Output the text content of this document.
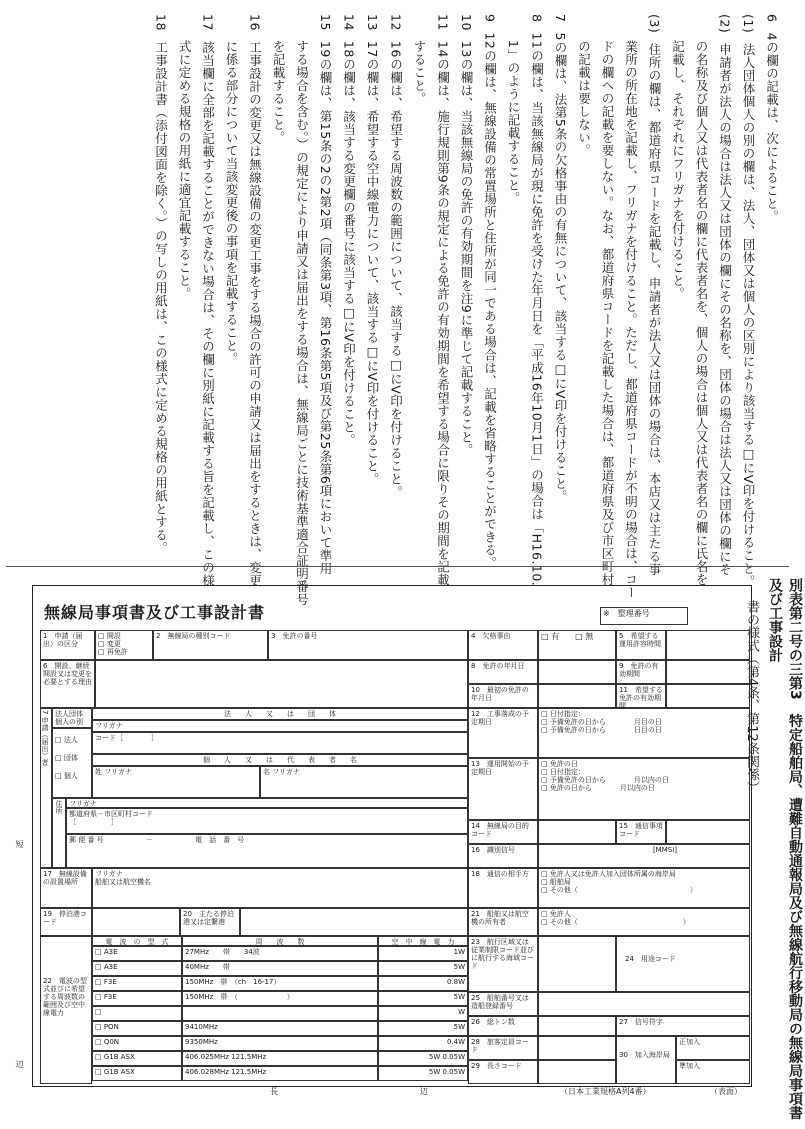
64の欄の記載は、次によること。
(1)法人団体個人の別の欄は、法人、団体又は個人の区別により該当する□にV印を付けること。
(2)申請者が法人の場合は法人又は団体の欄にその名称を、団体の場合は法人又は団体の欄にそ
の名称及び個人又は代表者名の欄に代表者名を、個人の場合は個人又は代表者名の欄に氏名を
記載し、それぞれにフリガナを付けること。
(3)住所の欄は、都道府県コードを記載し、申請者が法人又は団体の場合は、本店又は主たる事
業所の所在地を記載し、フリガナを付けること。ただし、都道府県コードが不明の場合は、コー
ドの欄への記載を要しない。なお、都道府県コードを記載した場合は、都道府県及び市区町村
の記載は要しない。
75の欄は、法第5条の欠格事由の有無について、該当する□にV印を付けること。
811の欄は、当該無線局が現に免許を受けた年月日を「平成16年10月1日」の場合は「H16.10.
1」のように記載すること。
912の欄は、無線設備の常置場所と住所が同一である場合は、記載を省略することができる。
1013の欄は、当該無線局の免許の有効期間を注9に準じて記載すること。
1114の欄は、施行規則第9条の規定による免許の有効期間を希望する場合に限りその期間を記載
すること。
1216の欄は、希望する周波数の範囲について、該当する□にV印を付けること。
1317の欄は、希望する空中線電力について、該当する□にV印を付けること。
1418の欄は、該当する変更欄の番号に該当する□にV印を付けること。
1519の欄は、第15条の2の2第2項（同条第3項、第16条第5項及び第25条第6項において準用
する場合を含む。）の規定により申請又は届出をする場合は、無線局ごとに技術基準適合証明番号
を記載すること。
16工事設計の変更又は無線設備の変更工事をする場合の許可の申請又は届出をするときは、変更
に係る部分について当該変更後の事項を記載すること。
17該当欄に全部を記載することができない場合は、その欄に別紙に記載する旨を記載し、この様
式に定める規格の用紙に適宜記載すること。
18工事設計書（添付図面を除く。）の写しの用紙は、この様式に定める規格の用紙とする。
別表第二号の三第3　特定船舶局、遭難自動通報局及び無線航行移動局の無線局事項書及び工事設計
書の様式（第4条、第12条関係）
短
辺
無線局事項書及び工事設計書	※　整理番号
1　申請（届出）の区分
□ 開設
□ 変更
□ 再免許
2　無線局の種別コード	3　免許の番号	4　欠格事由	□ 有　　□ 無	5　希望する運用許容時間
6　開設、継続開設又は変更を必要とする理由
8　免許の年月日	9　免許の有効期間
10　最初の免許の年月日
11　希望する免許の有効期間
7 申請（届出）者 法人団体個人の別
法　　人　　又　　は　　団　　体
フリガナ
□ 法人
□ 団体
□ 個人
コード［　　　　］
個　　人　　又　　は　　代　　表　　者　　名
姓 フリガナ	名 フリガナ
住所 フリガナ
都道府県－市区町村コード
［　　　　　］
郵 便 番 号	－	電　話　番　号
12　工事落成の予定期日
□ 日付指定：
□ 予備免許の日から　　　　月目の日
□ 予備免許の日から　　　　日目の日
13　運用開始の予定期日
□ 免許の日
□ 日付指定：
□ 予備免許の日から　　　　月以内の日
□ 免許の日から　　　　月以内の日
14　無線局の目的コード
15　通信事項コード
16　識別信号	[MMSI]
17　無線設備の設置場所
フリガナ
船舶又は航空機名
18　通信の相手方	□ 免許人又は免許人加入団体所属の海岸局
□ 船舶局
□ その他（　　　　　　　　　　　　　　　　）
19　停泊港コード
20　主たる停泊港又は定繋港
21　船舶又は航空機の所有者
□ 免許人
□ その他（　　　　　　　　　　　　　　　）
22　電波の型式並びに希望する周波数の範囲及び空中線電力
電　波　の　型　式	周　　波　　数	空　中　線　電　力
□ A3E	27MHz　　帯　　34波	1W
□ A3E	40MHz　　帯	5W
□ F3E	150MHz　帯　（ch　16-17）	0.8W
□ F3E	150MHz　帯　（　　　　　　　）	5W
□	W
□ PON	9410MHz	5W
□ Q0N	9350MHz	0.4W
□ G1B ASX	406.025MHz 121.5MHz	5W 0.05W
□ G1B ASX	406.028MHz 121.5MHz	5W 0.05W
23　航行区域又は従業制限コード並びに航行する海域コード
24　用途コード
25　船舶番号又は造船登録番号
26　総トン数	27　信号符字
28　旅客定員コード
30　加入海岸局
正加入
準加入
29　長さコード
長	辺	（日本工業規格A列4番）	（表面）
